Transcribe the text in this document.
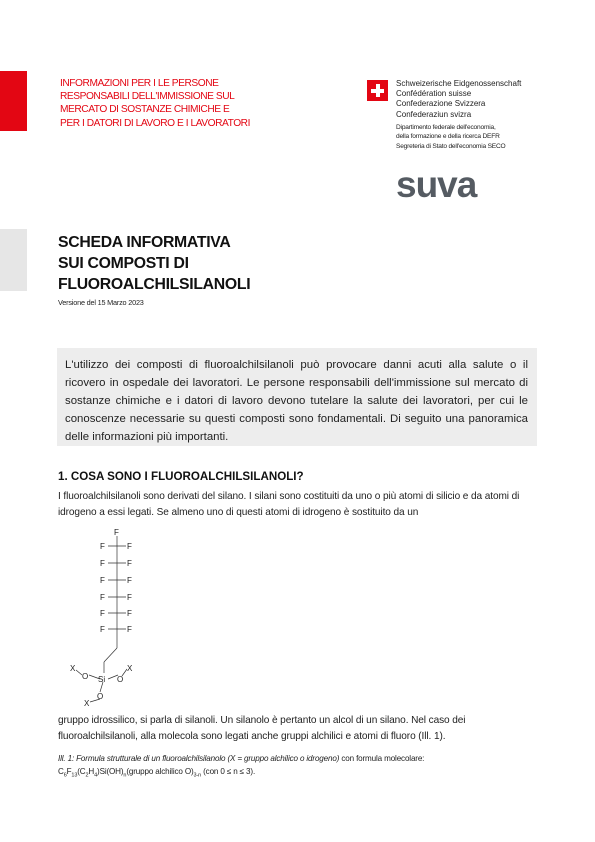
INFORMAZIONI PER I LE PERSONE
RESPONSABILI DELL'IMMISSIONE SUL
MERCATO DI SOSTANZE CHIMICHE E
PER I DATORI DI LAVORO E I LAVORATORI
Schweizerische Eidgenossenschaft
Confédération suisse
Confederazione Svizzera
Confederaziun svizra
Dipartimento federale dell'economia,
della formazione e della ricerca DEFR
Segreteria di Stato dell'economia SECO
suva
SCHEDA INFORMATIVA
SUI COMPOSTI DI
FLUOROALCHILSILANOLI
Versione del 15 Marzo 2023

L'utilizzo dei composti di fluoroalchilsilanoli può provocare danni acuti alla salute o il ricovero in ospedale dei lavoratori. Le persone responsabili dell'immissione sul mercato di sostanze chimiche e i datori di lavoro devono tutelare la salute dei lavoratori, per cui le conoscenze necessarie su questi composti sono fondamentali. Di seguito una panoramica delle informazioni più importanti.

1. COSA SONO I FLUOROALCHILSILANOLI?
I fluoroalchilsilanoli sono derivati del silano. I silani sono costituiti da uno o più atomi di silicio e da atomi di idrogeno a essi legati. Se almeno uno di questi atomi di idrogeno è sostituito da un
F
F	F
F	F
F	F
F	F
F	F
F	F
Si
O	O
O
X	X
X
gruppo idrossilico, si parla di silanoli. Un silanolo è pertanto un alcol di un silano. Nel caso dei fluoroalchilsilanoli, alla molecola sono legati anche gruppi alchilici e atomi di fluoro (Ill. 1).
Ill. 1: Formula strutturale di un fluoroalchilsilanolo (X = gruppo alchilico o idrogeno) con formula molecolare:
$C_6F_{13}(C_2H_4)Si(OH)_n(gruppo$ alchilico $O)_{3-n}$ (con 0 ≤ n ≤ 3).
